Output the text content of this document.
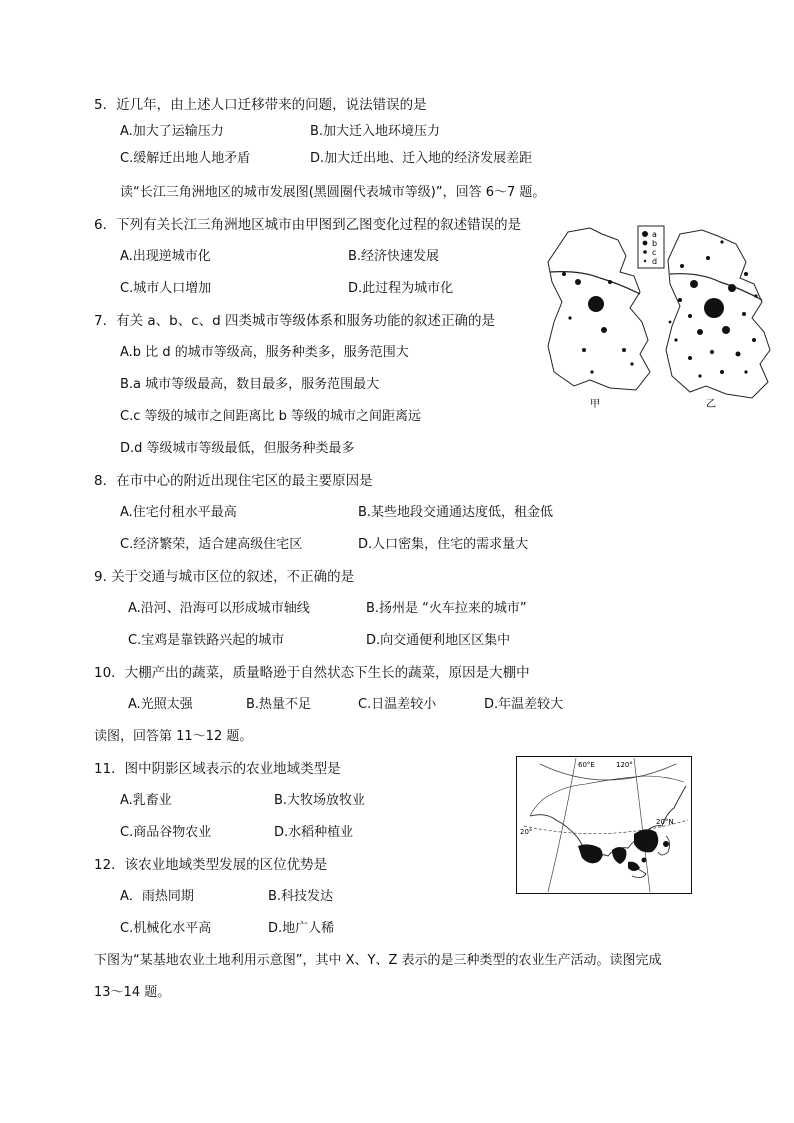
5．近几年，由上述人口迁移带来的问题，说法错误的是
A.加大了运输压力	B.加大迁入地环境压力
C.缓解迁出地人地矛盾	D.加大迁出地、迁入地的经济发展差距
读“长江三角洲地区的城市发展图(黑圆圈代表城市等级)”，回答 6～7 题。
6．下列有关长江三角洲地区城市由甲图到乙图变化过程的叙述错误的是
A.出现逆城市化	B.经济快速发展
C.城市人口增加	D.此过程为城市化
7．有关 a、b、c、d 四类城市等级体系和服务功能的叙述正确的是
A.b 比 d 的城市等级高，服务种类多，服务范围大
B.a 城市等级最高，数目最多，服务范围最大
C.c 等级的城市之间距离比 b 等级的城市之间距离远
D.d 等级城市等级最低，但服务种类最多
8．在市中心的附近出现住宅区的最主要原因是
A.住宅付租水平最高	B.某些地段交通通达度低，租金低
C.经济繁荣，适合建高级住宅区	D.人口密集，住宅的需求量大
9. 关于交通与城市区位的叙述，不正确的是
A.沿河、沿海可以形成城市轴线	B.扬州是 “火车拉来的城市”
C.宝鸡是靠铁路兴起的城市	D.向交通便利地区区集中
10．大棚产出的蔬菜，质量略逊于自然状态下生长的蔬菜，原因是大棚中
A.光照太强	B.热量不足	C.日温差较小	D.年温差较大
读图，回答第 11～12 题。
11．图中阴影区域表示的农业地域类型是
A.乳畜业	B.大牧场放牧业
C.商品谷物农业	D.水稻种植业
12．该农业地域类型发展的区位优势是
A．雨热同期	B.科技发达
C.机械化水平高	D.地广人稀
下图为“某基地农业土地利用示意图”，其中 X、Y、Z 表示的是三种类型的农业生产活动。读图完成
13～14 题。
甲
a
b
c
d
乙
60°E	120°
20°
20°N
